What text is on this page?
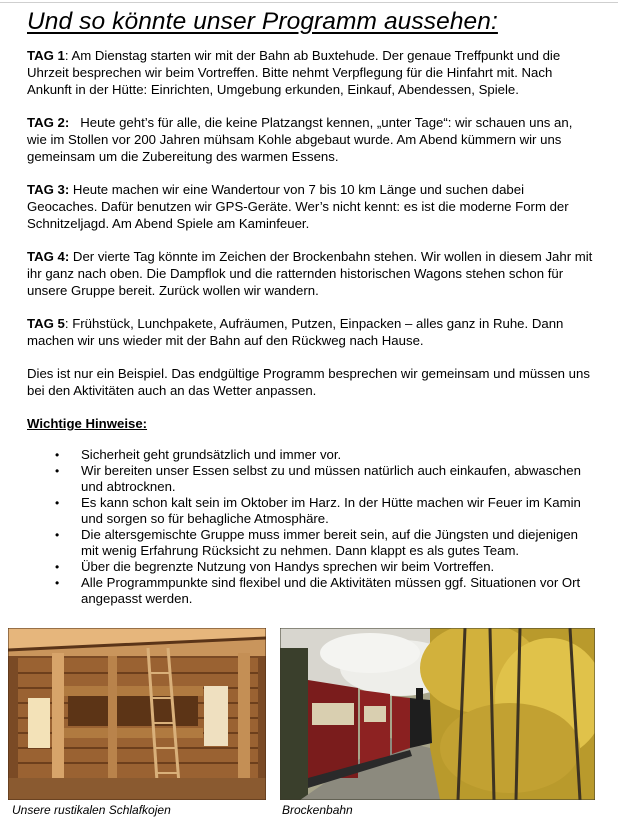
Und so könnte unser Programm aussehen:

TAG 1: Am Dienstag starten wir mit der Bahn ab Buxtehude. Der genaue Treffpunkt und die Uhrzeit besprechen wir beim Vortreffen. Bitte nehmt Verpflegung für die Hinfahrt mit. Nach Ankunft in der Hütte: Einrichten, Umgebung erkunden, Einkauf, Abendessen, Spiele.

TAG 2:   Heute geht’s für alle, die keine Platzangst kennen, „unter Tage“: wir schauen uns an, wie im Stollen vor 200 Jahren mühsam Kohle abgebaut wurde. Am Abend kümmern wir uns gemeinsam um die Zubereitung des warmen Essens.

TAG 3: Heute machen wir eine Wandertour von 7 bis 10 km Länge und suchen dabei Geocaches. Dafür benutzen wir GPS-Geräte. Wer’s nicht kennt: es ist die moderne Form der Schnitzeljagd. Am Abend Spiele am Kaminfeuer.

TAG 4: Der vierte Tag könnte im Zeichen der Brockenbahn stehen. Wir wollen in diesem Jahr mit ihr ganz nach oben. Die Dampflok und die ratternden historischen Wagons stehen schon für unsere Gruppe bereit. Zurück wollen wir wandern.

TAG 5: Frühstück, Lunchpakete, Aufräumen, Putzen, Einpacken – alles ganz in Ruhe. Dann machen wir uns wieder mit der Bahn auf den Rückweg nach Hause.

Dies ist nur ein Beispiel. Das endgültige Programm besprechen wir gemeinsam und müssen uns bei den Aktivitäten auch an das Wetter anpassen.

Wichtige Hinweise:

• Sicherheit geht grundsätzlich und immer vor.
• Wir bereiten unser Essen selbst zu und müssen natürlich auch einkaufen, abwaschen und abtrocknen.
• Es kann schon kalt sein im Oktober im Harz. In der Hütte machen wir Feuer im Kamin und sorgen so für behagliche Atmosphäre.
• Die altersgemischte Gruppe muss immer bereit sein, auf die Jüngsten und diejenigen mit wenig Erfahrung Rücksicht zu nehmen. Dann klappt es als gutes Team.
• Über die begrenzte Nutzung von Handys sprechen wir beim Vortreffen.
• Alle Programmpunkte sind flexibel und die Aktivitäten müssen ggf. Situationen vor Ort angepasst werden.
Unsere rustikalen Schlafkojen	Brockenbahn
